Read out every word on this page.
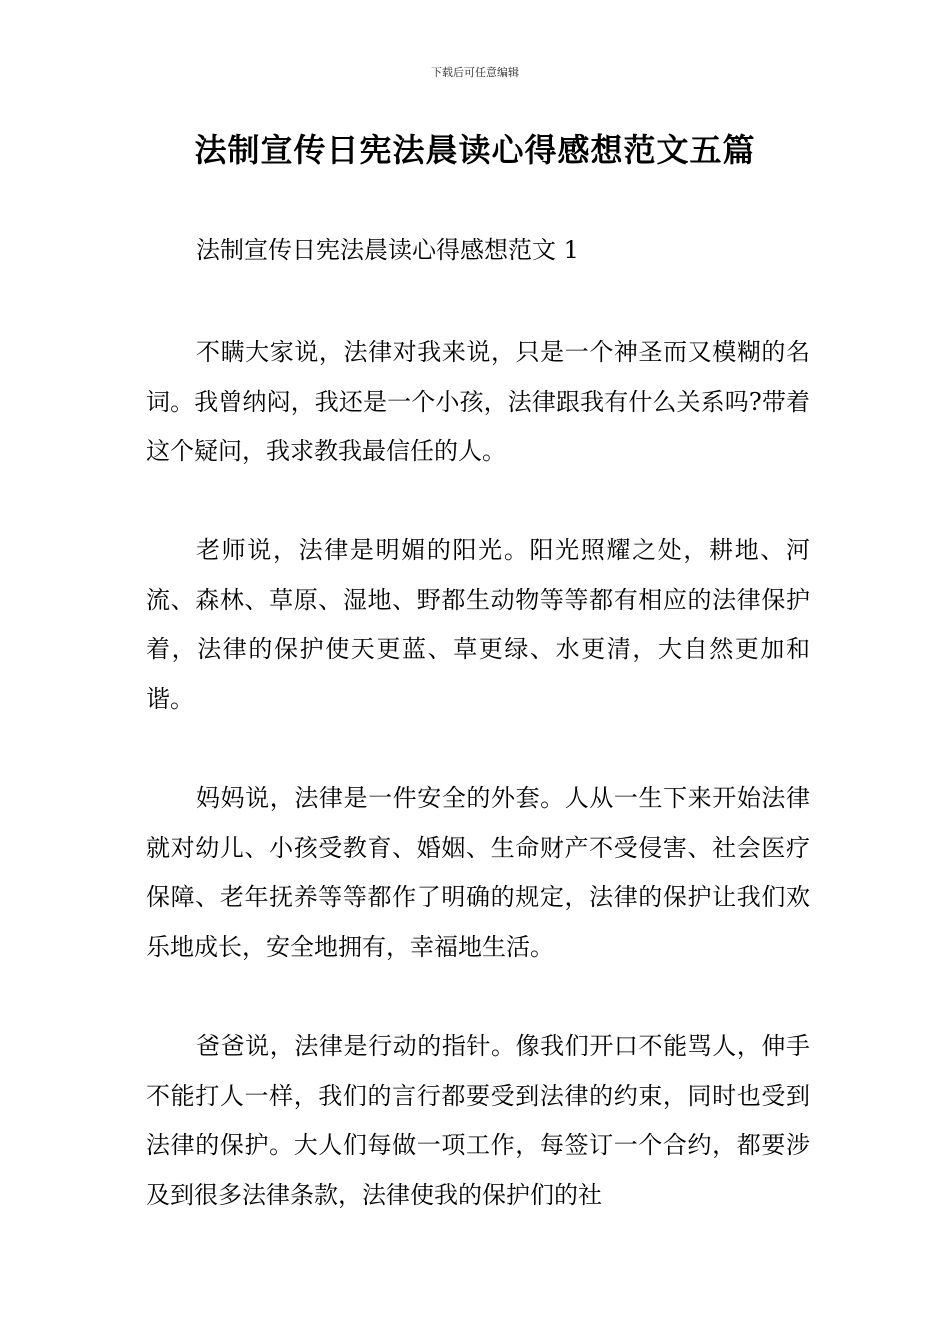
下载后可任意编辑
法制宣传日宪法晨读心得感想范文五篇
法制宣传日宪法晨读心得感想范文 1

不瞒大家说，法律对我来说，只是一个神圣而又模糊的名词。我曾纳闷，我还是一个小孩，法律跟我有什么关系吗?带着这个疑问，我求教我最信任的人。

老师说，法律是明媚的阳光。阳光照耀之处，耕地、河流、森林、草原、湿地、野都生动物等等都有相应的法律保护着，法律的保护使天更蓝、草更绿、水更清，大自然更加和谐。

妈妈说，法律是一件安全的外套。人从一生下来开始法律就对幼儿、小孩受教育、婚姻、生命财产不受侵害、社会医疗保障、老年抚养等等都作了明确的规定，法律的保护让我们欢乐地成长，安全地拥有，幸福地生活。

爸爸说，法律是行动的指针。像我们开口不能骂人，伸手不能打人一样，我们的言行都要受到法律的约束，同时也受到法律的保护。大人们每做一项工作，每签订一个合约，都要涉及到很多法律条款，法律使我的保护们的社
